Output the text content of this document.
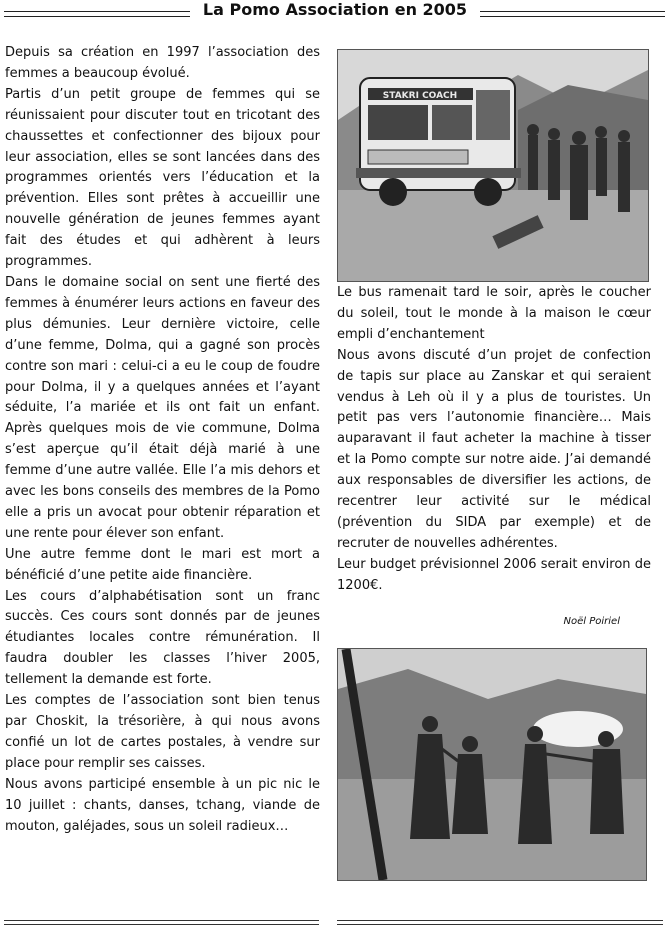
La Pomo Association en 2005

Depuis sa création en 1997 l’association des femmes a beaucoup évolué.

Partis d’un petit groupe de femmes qui se réunissaient pour discuter tout en tricotant des chaussettes et confectionner des bijoux pour leur association, elles se sont lancées dans des programmes orientés vers l’éducation et la prévention. Elles sont prêtes à accueillir une nouvelle génération de jeunes femmes ayant fait des études et qui adhèrent à leurs programmes.

Dans le domaine social on sent une fierté des femmes à énumérer leurs actions en faveur des plus démunies. Leur dernière victoire, celle d’une femme, Dolma, qui a gagné son procès contre son mari : celui-ci a eu le coup de foudre pour Dolma, il y a quelques années et l’ayant séduite, l’a mariée et ils ont fait un enfant. Après quelques mois de vie commune, Dolma s’est aperçue qu’il était déjà marié à une femme d’une autre vallée. Elle l’a mis dehors et avec les bons conseils des membres de la Pomo elle a pris un avocat pour obtenir réparation et une rente pour élever son enfant.

Une autre femme dont le mari est mort a bénéficié d’une petite aide financière.

Les cours d’alphabétisation sont un franc succès. Ces cours sont donnés par de jeunes étudiantes locales contre rémunération. Il faudra doubler les classes l’hiver 2005, tellement la demande est forte.

Les comptes de l’association sont bien tenus par Choskit, la trésorière, à qui nous avons confié un lot de cartes postales, à vendre sur place pour remplir ses caisses.

Nous avons participé ensemble à un pic nic le 10 juillet : chants, danses, tchang, viande de mouton, galéjades, sous un soleil radieux…

STAKRI COACH

Le bus ramenait tard le soir, après le coucher du soleil, tout le monde à la maison le cœur empli d’enchantement

Nous avons discuté d’un projet de confection de tapis sur place au Zanskar et qui seraient vendus à Leh où il y a plus de touristes. Un petit pas vers l’autonomie financière… Mais auparavant il faut acheter la machine à tisser et la Pomo compte sur notre aide. J’ai demandé aux responsables de diversifier les actions, de recentrer leur activité sur le médical (prévention du SIDA par exemple) et de recruter de nouvelles adhérentes.

Leur budget prévisionnel 2006 serait environ de 1200€.

Noël Poiriel
